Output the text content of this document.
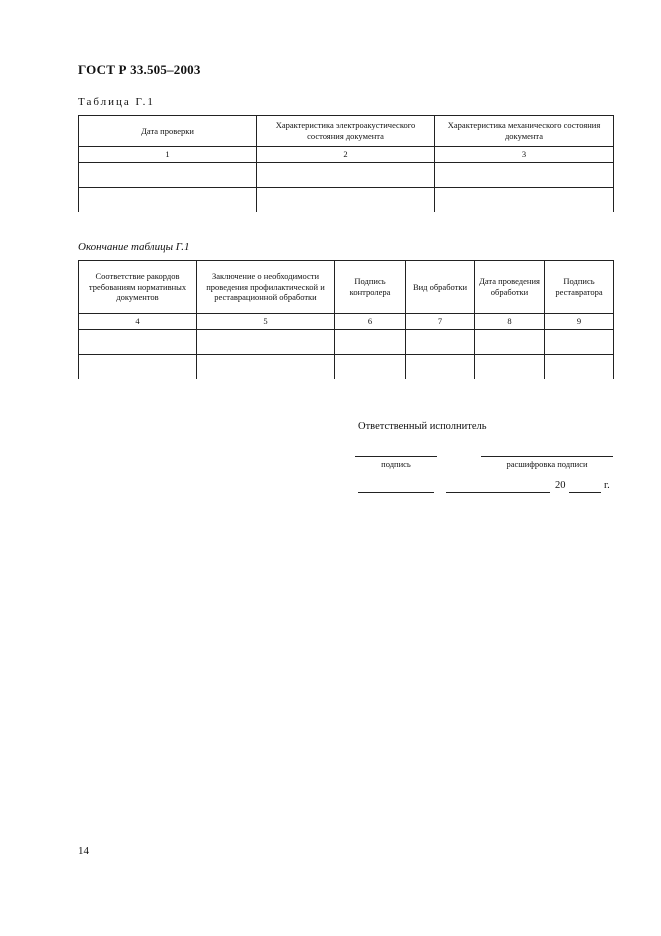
ГОСТ Р 33.505–2003
Таблица Г.1
Дата проверки	Характеристика электроакустического состояния документа	Характеристика механического состояния документа
1	2	3

Окончание таблицы Г.1
Соответствие ракордов требованиям нормативных документов	Заключение о необходимости проведения профилактической и реставрационной обработки	Подпись контролера	Вид обработки	Дата проведения обработки	Подпись реставратора
4	5	6	7	8	9

Ответственный исполнитель
подпись	расшифровка подписи
20	г.
14
